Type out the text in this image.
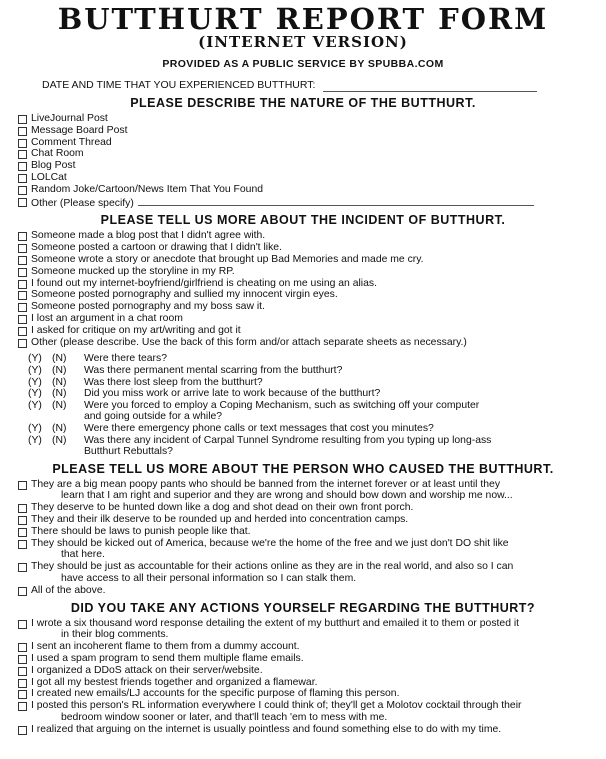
BUTTHURT REPORT FORM
(INTERNET VERSION)
PROVIDED AS A PUBLIC SERVICE BY SPUBBA.COM
DATE AND TIME THAT YOU EXPERIENCED BUTTHURT:
PLEASE DESCRIBE THE NATURE OF THE BUTTHURT.
LiveJournal Post
Message Board Post
Comment Thread
Chat Room
Blog Post
LOLCat
Random Joke/Cartoon/News Item That You Found
Other (Please specify)
PLEASE TELL US MORE ABOUT THE INCIDENT OF BUTTHURT.
Someone made a blog post that I didn't agree with.
Someone posted a cartoon or drawing that I didn't like.
Someone wrote a story or anecdote that brought up Bad Memories and made me cry.
Someone mucked up the storyline in my RP.
I found out my internet-boyfriend/girlfriend is cheating on me using an alias.
Someone posted pornography and sullied my innocent virgin eyes.
Someone posted pornography and my boss saw it.
I lost an argument in a chat room
I asked for critique on my art/writing and got it
Other (please describe. Use the back of this form and/or attach separate sheets as necessary.)
(Y) (N)	Were there tears?
(Y) (N)	Was there permanent mental scarring from the butthurt?
(Y) (N)	Was there lost sleep from the butthurt?
(Y) (N)	Did you miss work or arrive late to work because of the butthurt?
(Y) (N)	Were you forced to employ a Coping Mechanism, such as switching off your computer
and going outside for a while?
(Y) (N)	Were there emergency phone calls or text messages that cost you minutes?
(Y) (N)	Was there any incident of Carpal Tunnel Syndrome resulting from you typing up long-ass
Butthurt Rebuttals?
PLEASE TELL US MORE ABOUT THE PERSON WHO CAUSED THE BUTTHURT.
They are a big mean poopy pants who should be banned from the internet forever or at least until they
learn that I am right and superior and they are wrong and should bow down and worship me now...
They deserve to be hunted down like a dog and shot dead on their own front porch.
They and their ilk deserve to be rounded up and herded into concentration camps.
There should be laws to punish people like that.
They should be kicked out of America, because we're the home of the free and we just don't DO shit like
that here.
They should be just as accountable for their actions online as they are in the real world, and also so I can
have access to all their personal information so I can stalk them.
All of the above.
DID YOU TAKE ANY ACTIONS YOURSELF REGARDING THE BUTTHURT?
I wrote a six thousand word response detailing the extent of my butthurt and emailed it to them or posted it
in their blog comments.
I sent an incoherent flame to them from a dummy account.
I used a spam program to send them multiple flame emails.
I organized a DDoS attack on their server/website.
I got all my bestest friends together and organized a flamewar.
I created new emails/LJ accounts for the specific purpose of flaming this person.
I posted this person's RL information everywhere I could think of; they'll get a Molotov cocktail through their
bedroom window sooner or later, and that'll teach 'em to mess with me.
I realized that arguing on the internet is usually pointless and found something else to do with my time.
